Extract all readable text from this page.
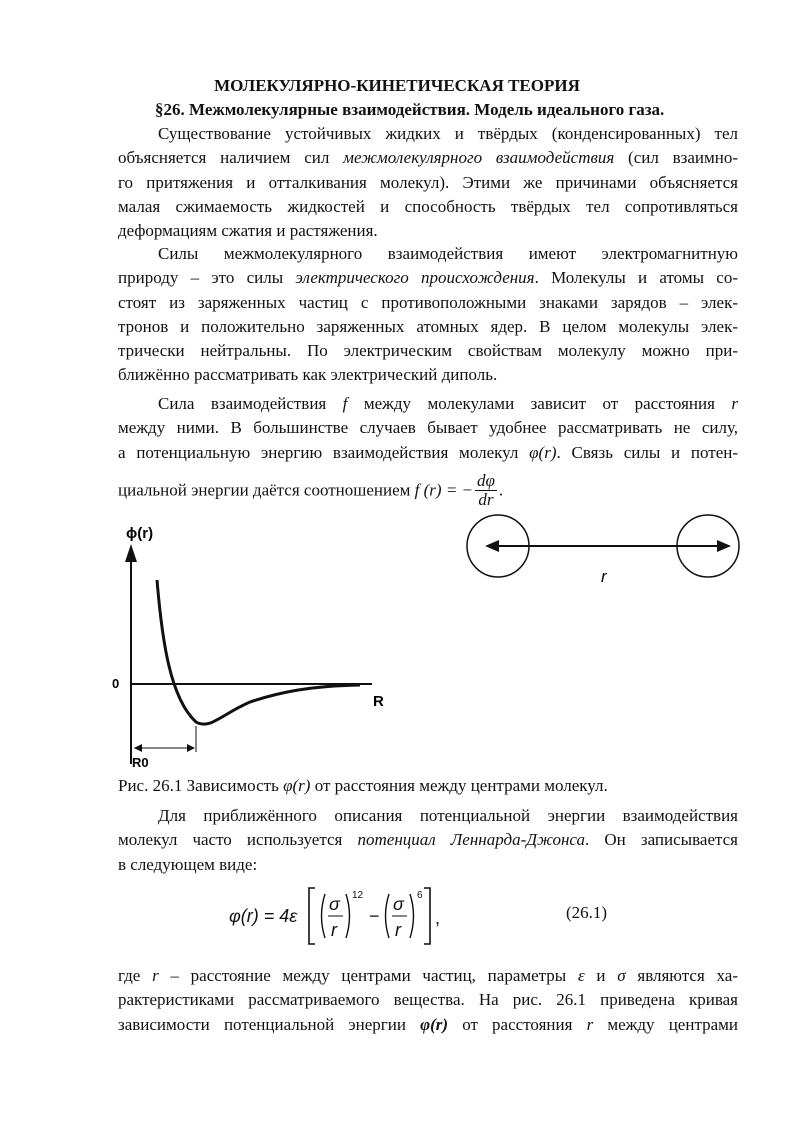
МОЛЕКУЛЯРНО-КИНЕТИЧЕСКАЯ ТЕОРИЯ
§26. Межмолекулярные взаимодействия. Модель идеального газа.
Существование устойчивых жидких и твёрдых (конденсированных) тел
объясняется наличием сил межмолекулярного взаимодействия (сил взаимно-
го притяжения и отталкивания молекул). Этими же причинами объясняется
малая сжимаемость жидкостей и способность твёрдых тел сопротивляться
деформациям сжатия и растяжения.
Силы межмолекулярного взаимодействия имеют электромагнитную
природу – это силы электрического происхождения. Молекулы и атомы со-
стоят из заряженных частиц с противоположными знаками зарядов – элек-
тронов и положительно заряженных атомных ядер. В целом молекулы элек-
трически нейтральны. По электрическим свойствам молекулу можно при-
ближённо рассматривать как электрический диполь.
Сила взаимодействия f между молекулами зависит от расстояния r
между ними. В большинстве случаев бывает удобнее рассматривать не силу,
а потенциальную энергию взаимодействия молекул φ(r). Связь силы и потен-
циальной энергии даётся соотношением f (r) = − $\frac{d\varphi}{dr}$ .
ϕ(r)
R
0
R0
r
Рис. 26.1 Зависимость φ(r) от расстояния между центрами молекул.
Для приближённого описания потенциальной энергии взаимодействия
молекул часто используется потенциал Леннарда-Джонса. Он записывается
в следующем виде:
φ(r) = 4ε
σ
r
12
−
σ
r
6
,	(26.1)
где r – расстояние между центрами частиц, параметры ε и σ являются ха-
рактеристиками рассматриваемого вещества. На рис. 26.1 приведена кривая
зависимости потенциальной энергии φ(r) от расстояния r между центрами
